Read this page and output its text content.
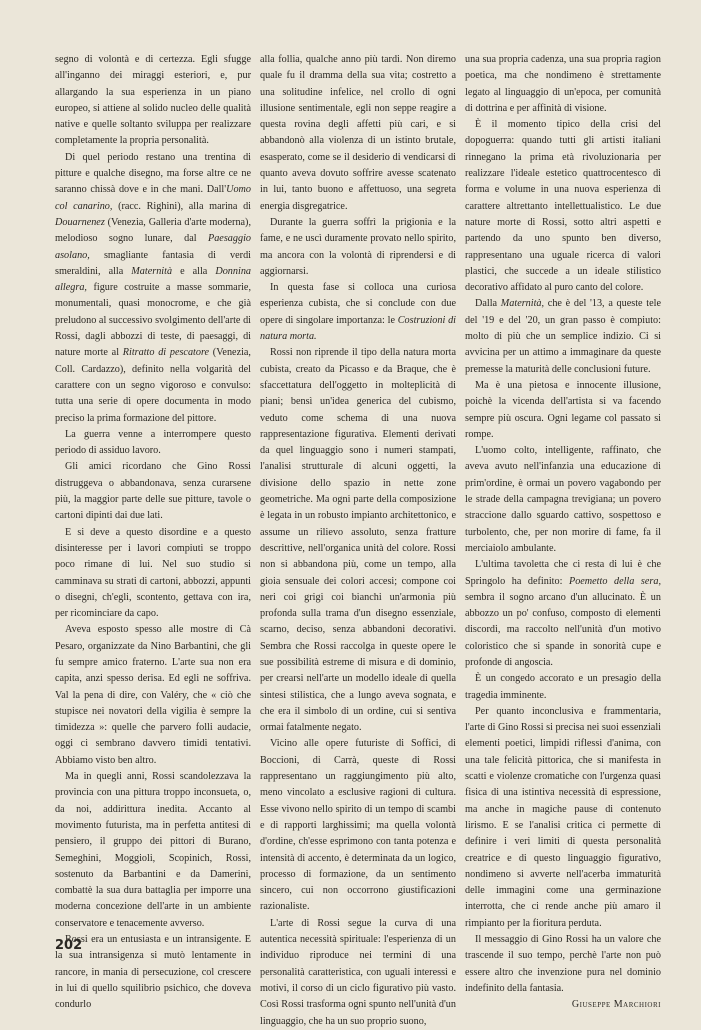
segno di volontà e di certezza. Egli sfugge all'inganno dei miraggi esteriori, e, pur allargando la sua esperienza in un piano europeo, si attiene al solido nucleo delle qualità native e quelle soltanto sviluppa per realizzare completamente la propria personalità.

Di quel periodo restano una trentina di pitture e qualche disegno, ma forse altre ce ne saranno chissà dove e in che mani. Dall'Uomo col canarino, (racc. Righini), alla marina di Douarnenez (Venezia, Galleria d'arte moderna), melodioso sogno lunare, dal Paesaggio asolano, smagliante fantasia di verdi smeraldini, alla Maternità e alla Donnina allegra, figure costruite a masse sommarie, monumentali, quasi monocrome, e che già preludono al successivo svolgimento dell'arte di Rossi, dagli abbozzi di teste, di paesaggi, di nature morte al Ritratto di pescatore (Venezia, Coll. Cardazzo), definito nella volgarità del carattere con un segno vigoroso e convulso: tutta una serie di opere documenta in modo preciso la prima formazione del pittore.

La guerra venne a interrompere questo periodo di assiduo lavoro.

Gli amici ricordano che Gino Rossi distruggeva o abbandonava, senza curarsene più, la maggior parte delle sue pitture, tavole o cartoni dipinti dai due lati.

E si deve a questo disordine e a questo disinteresse per i lavori compiuti se troppo poco rimane di lui. Nel suo studio si camminava su strati di cartoni, abbozzi, appunti o disegni, ch'egli, scontento, gettava con ira, per ricominciare da capo.

Aveva esposto spesso alle mostre di Cà Pesaro, organizzate da Nino Barbantini, che gli fu sempre amico fraterno. L'arte sua non era capita, anzi spesso derisa. Ed egli ne soffriva. Val la pena di dire, con Valéry, che « ciò che stupisce nei novatori della vigilia è sempre la timidezza »: quelle che parvero folli audacie, oggi ci sembrano davvero timidi tentativi. Abbiamo visto ben altro.

Ma in quegli anni, Rossi scandolezzava la provincia con una pittura troppo inconsueta, o, da noi, addirittura inedita. Accanto al movimento futurista, ma in perfetta antitesi di pensiero, il gruppo dei pittori di Burano, Semeghini, Moggioli, Scopinich, Rossi, sostenuto da Barbantini e da Damerini, combattè la sua dura battaglia per imporre una moderna concezione dell'arte in un ambiente conservatore e tenacemente avverso.

Rossi era un entusiasta e un intransigente. E la sua intransigenza si mutò lentamente in rancore, in mania di persecuzione, col crescere in lui di quello squilibrio psichico, che doveva condurlo

alla follia, qualche anno più tardi. Non diremo quale fu il dramma della sua vita; costretto a una solitudine infelice, nel crollo di ogni illusione sentimentale, egli non seppe reagire a questa rovina degli affetti più cari, e si abbandonò alla violenza di un istinto brutale, esasperato, come se il desiderio di vendicarsi di quanto aveva dovuto soffrire avesse scatenato in lui, tanto buono e affettuoso, una segreta energia disgregatrice.

Durante la guerra soffrì la prigionia e la fame, e ne uscì duramente provato nello spirito, ma ancora con la volontà di riprendersi e di aggiornarsi.

In questa fase si colloca una curiosa esperienza cubista, che si conclude con due opere di singolare importanza: le Costruzioni di natura morta.

Rossi non riprende il tipo della natura morta cubista, creato da Picasso e da Braque, che è sfaccettatura dell'oggetto in molteplicità di piani; bensì un'idea generica del cubismo, veduto come schema di una nuova rappresentazione figurativa. Elementi derivati da quel linguaggio sono i numeri stampati, l'analisi strutturale di alcuni oggetti, la divisione dello spazio in nette zone geometriche. Ma ogni parte della composizione è legata in un robusto impianto architettonico, e assume un rilievo assoluto, senza fratture descrittive, nell'organica unità del colore. Rossi non si abbandona più, come un tempo, alla gioia sensuale dei colori accesi; compone coi neri coi grigi coi bianchi un'armonia più profonda sulla trama d'un disegno essenziale, scarno, deciso, senza abbandoni decorativi. Sembra che Rossi raccolga in queste opere le sue possibilità estreme di misura e di dominio, per crearsi nell'arte un modello ideale di quella sintesi stilistica, che a lungo aveva sognata, e che era il simbolo di un ordine, cui si sentiva ormai fatalmente negato.

Vicino alle opere futuriste di Soffici, di Boccioni, di Carrà, queste di Rossi rappresentano un raggiungimento più alto, meno vincolato a esclusive ragioni di cultura. Esse vivono nello spirito di un tempo di scambi e di rapporti larghissimi; ma quella volontà d'ordine, ch'esse esprimono con tanta potenza e intensità di accento, è determinata da un logico, processo di formazione, da un sentimento sincero, cui non occorrono giustificazioni razionaliste.

L'arte di Rossi segue la curva di una autentica necessità spirituale: l'esperienza di un individuo riproduce nei termini di una personalità caratteristica, con uguali interessi e motivi, il corso di un ciclo figurativo più vasto. Così Rossi trasforma ogni spunto nell'unità d'un linguaggio, che ha un suo proprio suono,

una sua propria cadenza, una sua propria ragion poetica, ma che nondimeno è strettamente legato al linguaggio di un'epoca, per comunità di dottrina e per affinità di visione.

È il momento tipico della crisi del dopoguerra: quando tutti gli artisti italiani rinnegano la prima età rivoluzionaria per realizzare l'ideale estetico quattrocentesco di forma e volume in una nuova esperienza di carattere altrettanto intellettualistico. Le due nature morte di Rossi, sotto altri aspetti e partendo da uno spunto ben diverso, rappresentano una uguale ricerca di valori plastici, che succede a un ideale stilistico decorativo affidato al puro canto del colore.

Dalla Maternità, che è del '13, a queste tele del '19 e del '20, un gran passo è compiuto: molto di più che un semplice indizio. Ci si avvicina per un attimo a immaginare da queste premesse la maturità delle conclusioni future.

Ma è una pietosa e innocente illusione, poichè la vicenda dell'artista si va facendo sempre più oscura. Ogni legame col passato si rompe.

L'uomo colto, intelligente, raffinato, che aveva avuto nell'infanzia una educazione di prim'ordine, è ormai un povero vagabondo per le strade della campagna trevigiana; un povero straccione dallo sguardo cattivo, sospettoso e turbolento, che, per non morire di fame, fa il merciaiolo ambulante.

L'ultima tavoletta che ci resta di lui è che Springolo ha definito: Poemetto della sera, sembra il sogno arcano d'un allucinato. È un abbozzo un po' confuso, composto di elementi discordi, ma raccolto nell'unità d'un motivo coloristico che si spande in sonorità cupe e profonde di angoscia.

È un congedo accorato e un presagio della tragedia imminente.

Per quanto inconclusiva e frammentaria, l'arte di Gino Rossi si precisa nei suoi essenziali elementi poetici, limpidi riflessi d'anima, con una tale felicità pittorica, che si manifesta in scatti e violenze cromatiche con l'urgenza quasi fisica di una istintiva necessità di espressione, ma anche in magiche pause di contenuto lirismo. E se l'analisi critica ci permette di definire i veri limiti di questa personalità creatrice e di questo linguaggio figurativo, nondimeno si avverte nell'acerba immaturità delle immagini come una germinazione interrotta, che ci rende anche più amaro il rimpianto per la fioritura perduta.

Il messaggio di Gino Rossi ha un valore che trascende il suo tempo, perchè l'arte non può essere altro che invenzione pura nel dominio indefinito della fantasia.

Giuseppe Marchiori

202
